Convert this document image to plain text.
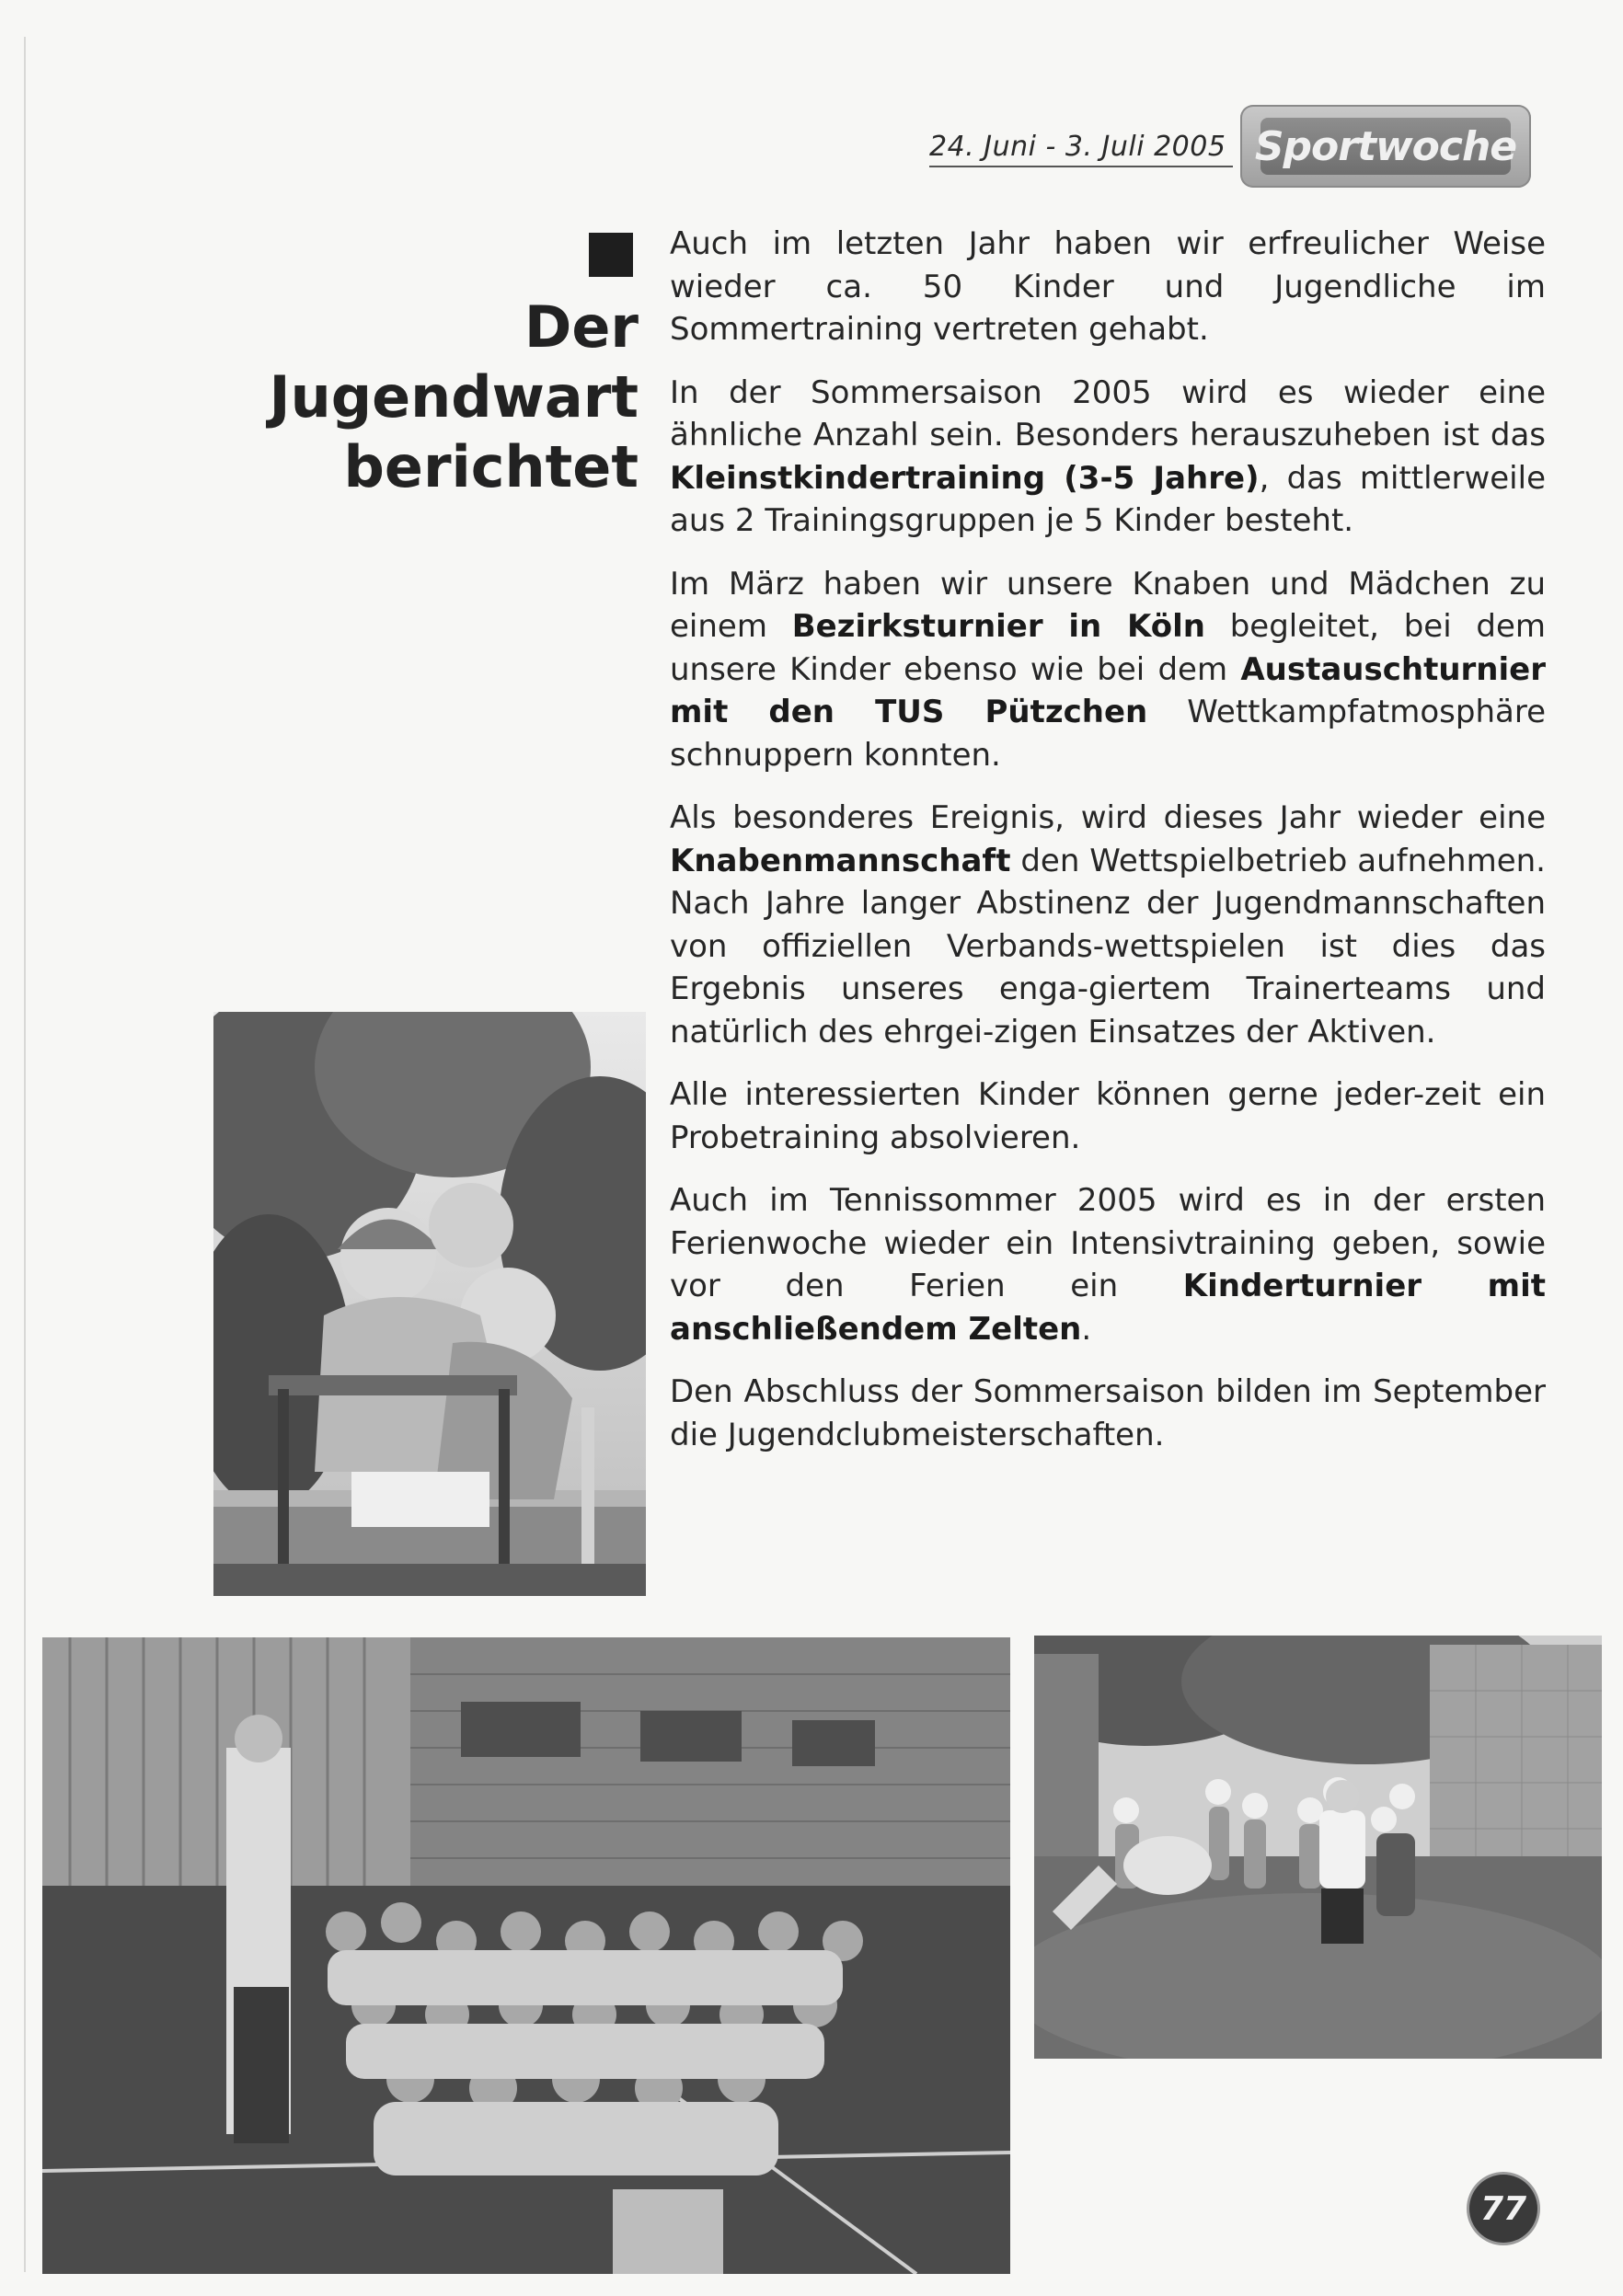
24. Juni - 3. Juli 2005 Sportwoche
Der
Jugendwart
berichtet

Auch im letzten Jahr haben wir erfreulicher Weise wieder ca. 50 Kinder und Jugendliche im Sommertraining vertreten gehabt.

In der Sommersaison 2005 wird es wieder eine ähnliche Anzahl sein. Besonders herauszuheben ist das Kleinstkindertraining (3-5 Jahre), das mittlerweile aus 2 Trainingsgruppen je 5 Kinder besteht.

Im März haben wir unsere Knaben und Mädchen zu einem Bezirksturnier in Köln begleitet, bei dem unsere Kinder ebenso wie bei dem Austauschturnier mit den TUS Pützchen Wettkampfatmosphäre schnuppern konnten.

Als besonderes Ereignis, wird dieses Jahr wieder eine Knabenmannschaft den Wettspielbetrieb aufnehmen. Nach Jahre langer Abstinenz der Jugendmannschaften von offiziellen Verbands-wettspielen ist dies das Ergebnis unseres enga-giertem Trainerteams und natürlich des ehrgei-zigen Einsatzes der Aktiven.

Alle interessierten Kinder können gerne jeder-zeit ein Probetraining absolvieren.

Auch im Tennissommer 2005 wird es in der ersten Ferienwoche wieder ein Intensivtraining geben, sowie vor den Ferien ein Kinderturnier mit anschließendem Zelten.

Den Abschluss der Sommersaison bilden im September die Jugendclubmeisterschaften.

77
